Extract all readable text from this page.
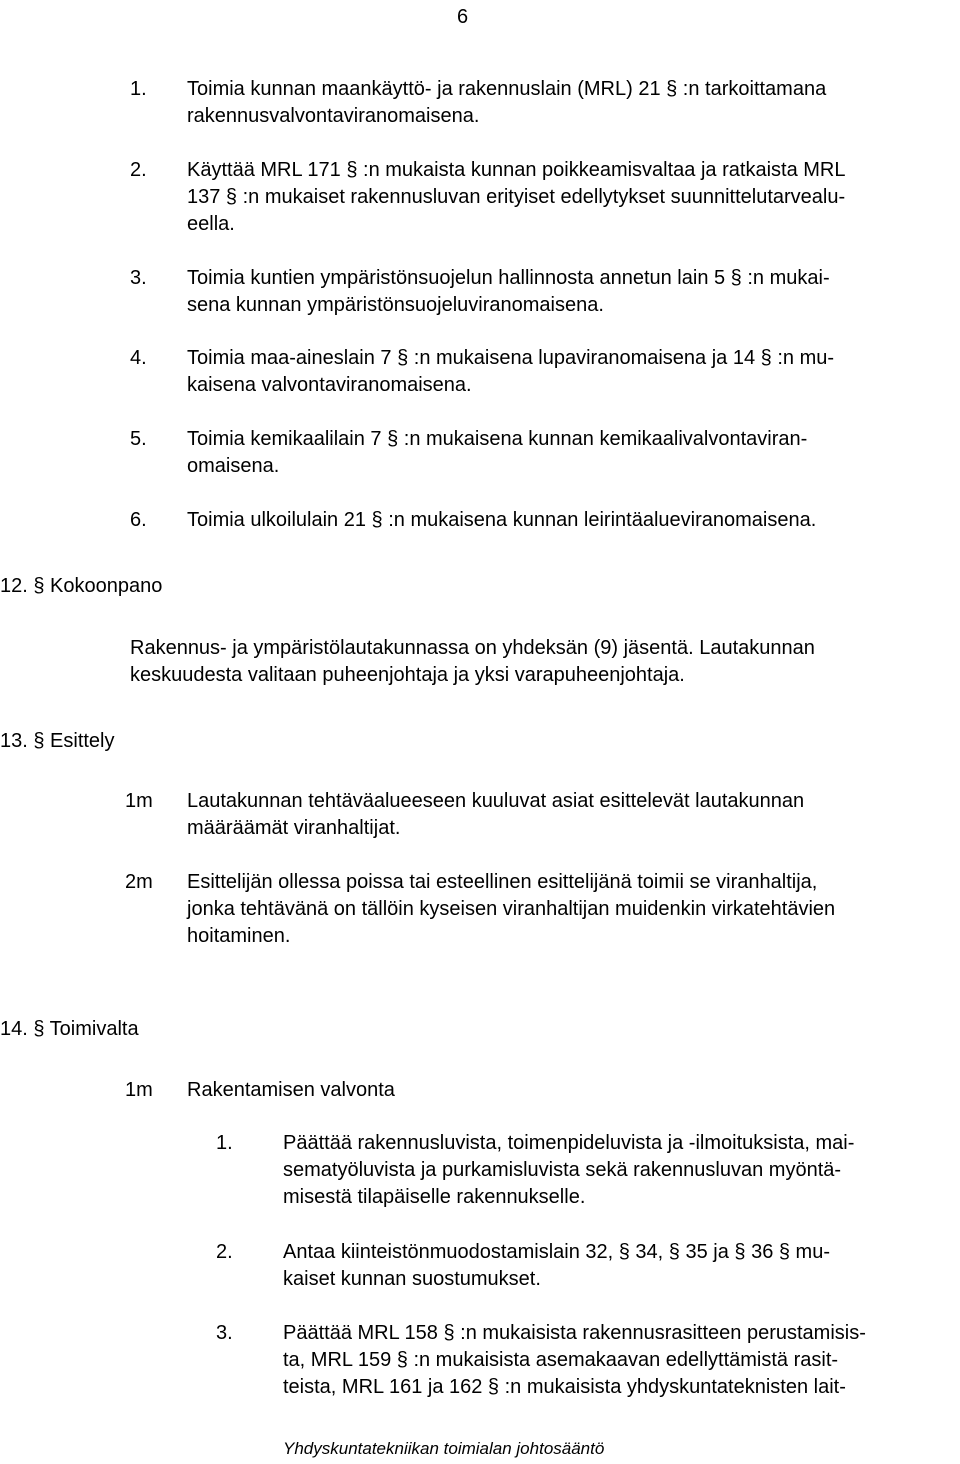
6
1. Toimia kunnan maankäyttö- ja rakennuslain (MRL) 21 § :n tarkoittamana
rakennusvalvontaviranomaisena.
2. Käyttää MRL 171 § :n mukaista kunnan poikkeamisvaltaa ja ratkaista MRL
137 § :n mukaiset rakennusluvan erityiset edellytykset suunnittelutarvealu-
eella.
3. Toimia kuntien ympäristönsuojelun hallinnosta annetun lain 5 § :n mukai-
sena kunnan ympäristönsuojeluviranomaisena.
4. Toimia maa-aineslain 7 § :n mukaisena lupaviranomaisena ja 14 § :n mu-
kaisena valvontaviranomaisena.
5. Toimia kemikaalilain 7 § :n mukaisena kunnan kemikaalivalvontaviran-
omaisena.
6. Toimia ulkoilulain 21 § :n mukaisena kunnan leirintäalueviranomaisena.
12. § Kokoonpano
Rakennus- ja ympäristölautakunnassa on yhdeksän (9) jäsentä. Lautakunnan
keskuudesta valitaan puheenjohtaja ja yksi varapuheenjohtaja.
13. § Esittely
1m Lautakunnan tehtäväalueeseen kuuluvat asiat esittelevät lautakunnan
määräämät viranhaltijat.
2m Esittelijän ollessa poissa tai esteellinen esittelijänä toimii se viranhaltija,
jonka tehtävänä on tällöin kyseisen viranhaltijan muidenkin virkatehtävien
hoitaminen.
14. § Toimivalta
1m Rakentamisen valvonta
1.	Päättää rakennusluvista, toimenpideluvista ja -ilmoituksista, mai-
sematyöluvista ja purkamisluvista sekä rakennusluvan myöntä-
misestä tilapäiselle rakennukselle.
2.	Antaa kiinteistönmuodostamislain 32, § 34, § 35 ja § 36 § mu-
kaiset kunnan suostumukset.
3.	Päättää MRL 158 § :n mukaisista rakennusrasitteen perustamisis-
ta, MRL 159 § :n mukaisista asemakaavan edellyttämistä rasit-
teista, MRL 161 ja 162 § :n mukaisista yhdyskuntateknisten lait-
Yhdyskuntatekniikan toimialan johtosääntö
